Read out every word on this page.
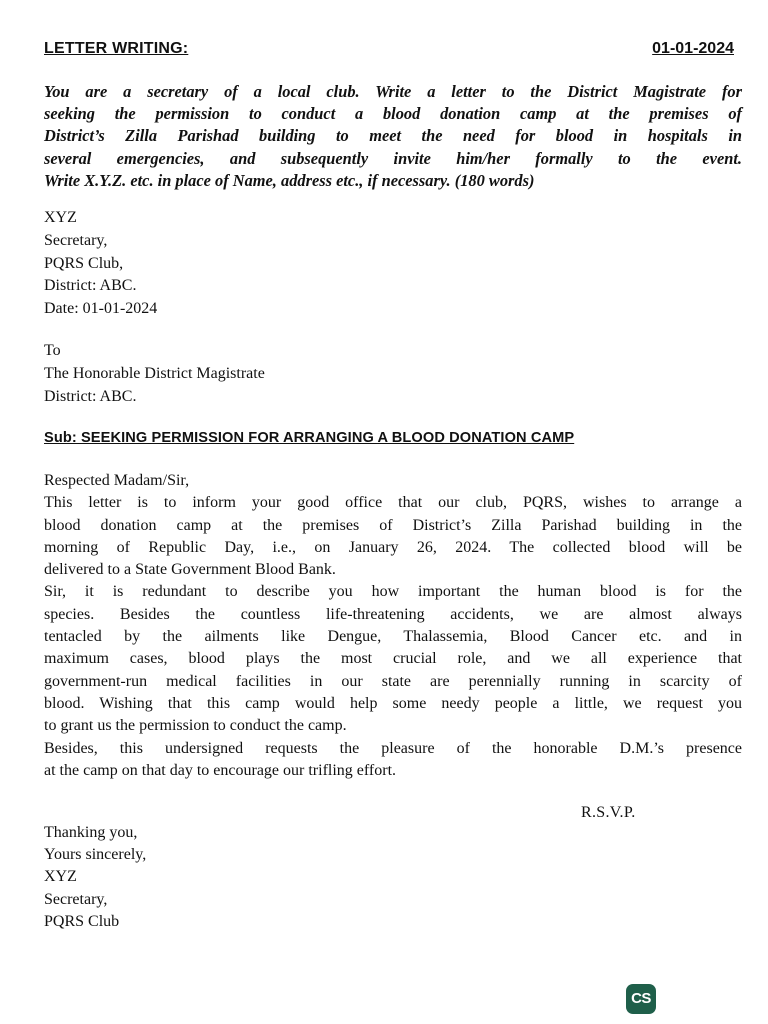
LETTER WRITING:	01-01-2024
You are a secretary of a local club. Write a letter to the District Magistrate for
seeking the permission to conduct a blood donation camp at the premises of
District’s Zilla Parishad building to meet the need for blood in hospitals in
several emergencies, and subsequently invite him/her formally to the event.
Write X.Y.Z. etc. in place of Name, address etc., if necessary. (180 words)
XYZ
Secretary,
PQRS Club,
District: ABC.
Date: 01-01-2024
To
The Honorable District Magistrate
District: ABC.
Sub: SEEKING PERMISSION FOR ARRANGING A BLOOD DONATION CAMP
Respected Madam/Sir,
This letter is to inform your good office that our club, PQRS, wishes to arrange a
blood donation camp at the premises of District’s Zilla Parishad building in the
morning of Republic Day, i.e., on January 26, 2024. The collected blood will be
delivered to a State Government Blood Bank.
Sir, it is redundant to describe you how important the human blood is for the
species. Besides the countless life-threatening accidents, we are almost always
tentacled by the ailments like Dengue, Thalassemia, Blood Cancer etc. and in
maximum cases, blood plays the most crucial role, and we all experience that
government-run medical facilities in our state are perennially running in scarcity of
blood. Wishing that this camp would help some needy people a little, we request you
to grant us the permission to conduct the camp.
Besides, this undersigned requests the pleasure of the honorable D.M.’s presence
at the camp on that day to encourage our trifling effort.
R.S.V.P.
Thanking you,
Yours sincerely,
XYZ
Secretary,
PQRS Club
CS
